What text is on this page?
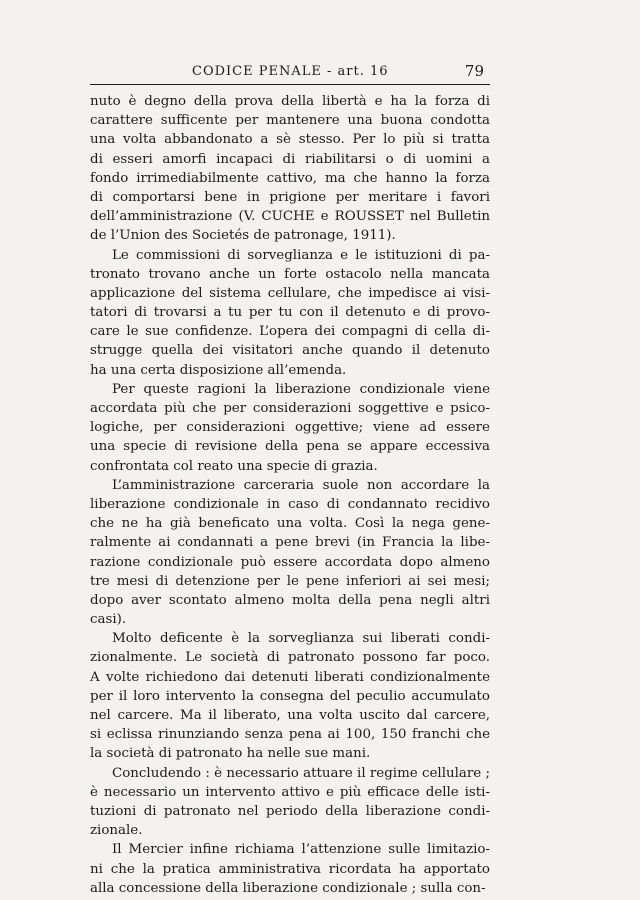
CODICE PENALE - art. 16	79
nuto è degno della prova della libertà e ha la forza di
carattere sufficente per mantenere una buona condotta
una volta abbandonato a sè stesso. Per lo più si tratta
di esseri amorfi incapaci di riabilitarsi o di uomini a
fondo irrimediabilmente cattivo, ma che hanno la forza
di comportarsi bene in prigione per meritare i favori
dell’amministrazione (V. CUCHE e ROUSSET nel Bulletin
de l’Union des Societés de patronage, 1911).
Le commissioni di sorveglianza e le istituzioni di pa-
tronato trovano anche un forte ostacolo nella mancata
applicazione del sistema cellulare, che impedisce ai visi-
tatori di trovarsi a tu per tu con il detenuto e di provo-
care le sue confidenze. L’opera dei compagni di cella di-
strugge quella dei visitatori anche quando il detenuto
ha una certa disposizione all’emenda.
Per queste ragioni la liberazione condizionale viene
accordata più che per considerazioni soggettive e psico-
logiche, per considerazioni oggettive; viene ad essere
una specie di revisione della pena se appare eccessiva
confrontata col reato una specie di grazia.
L’amministrazione carceraria suole non accordare la
liberazione condizionale in caso di condannato recidivo
che ne ha già beneficato una volta. Così la nega gene-
ralmente ai condannati a pene brevi (in Francia la libe-
razione condizionale può essere accordata dopo almeno
tre mesi di detenzione per le pene inferiori ai sei mesi;
dopo aver scontato almeno molta della pena negli altri
casi).
Molto deficente è la sorveglianza sui liberati condi-
zionalmente. Le società di patronato possono far poco.
A volte richiedono dai detenuti liberati condizionalmente
per il loro intervento la consegna del peculio accumulato
nel carcere. Ma il liberato, una volta uscito dal carcere,
si eclissa rinunziando senza pena ai 100, 150 franchi che
la società di patronato ha nelle sue mani.
Concludendo : è necessario attuare il regime cellulare ;
è necessario un intervento attivo e più efficace delle isti-
tuzioni di patronato nel periodo della liberazione condi-
zionale.
Il Mercier infine richiama l’attenzione sulle limitazio-
ni che la pratica amministrativa ricordata ha apportato
alla concessione della liberazione condizionale ; sulla con-
